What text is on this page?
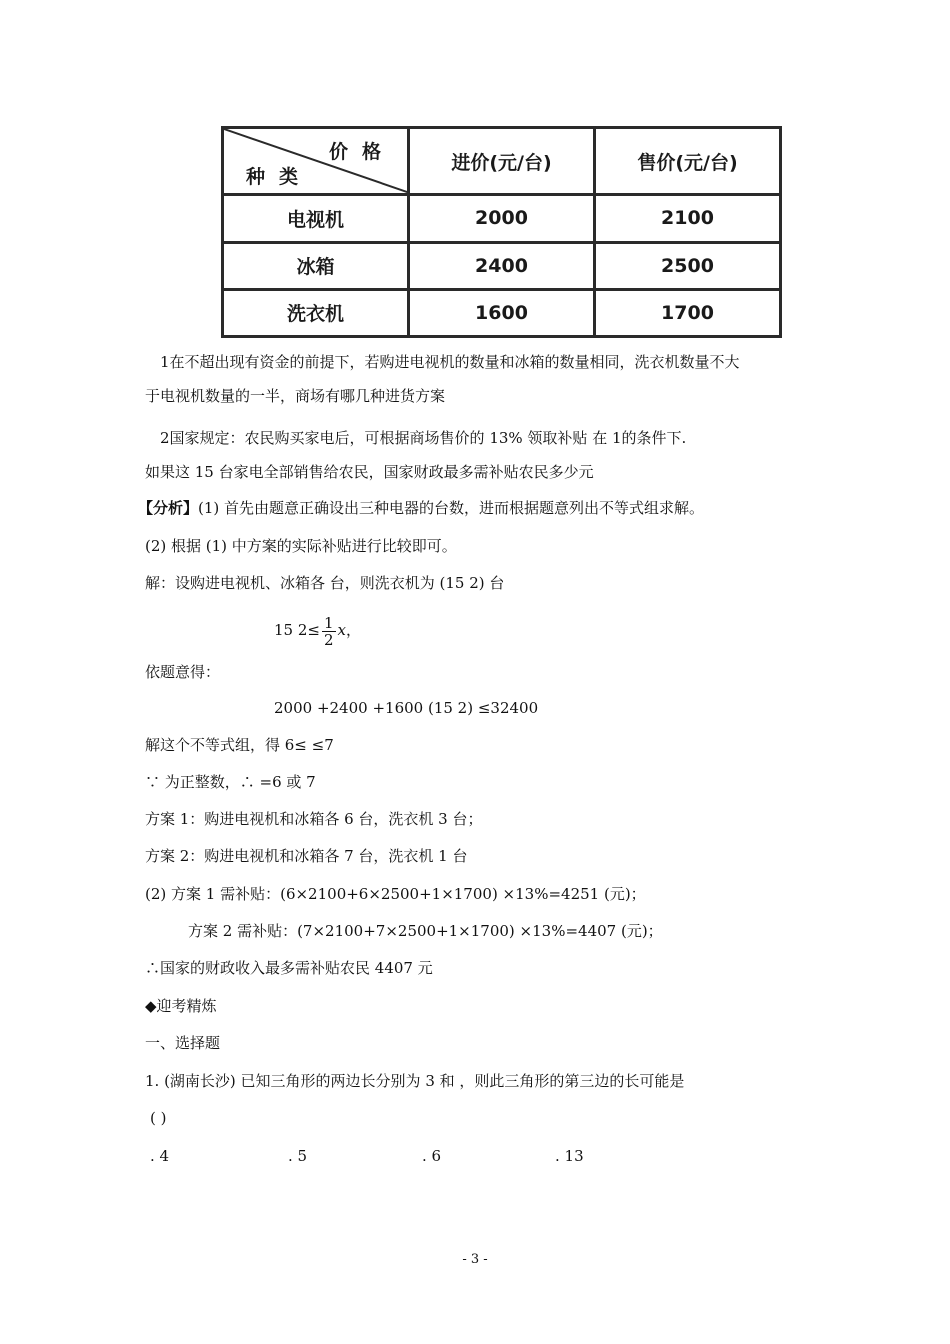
价格
种类	进价(元/台)	售价(元/台)
电视机	2000	2100
冰箱	2400	2500
洗衣机	1600	1700
1在不超出现有资金的前提下，若购进电视机的数量和冰箱的数量相同，洗衣机数量不大
于电视机数量的一半，商场有哪几种进货方案
2国家规定：农民购买家电后，可根据商场售价的 13% 领取补贴 在 1的条件下.
如果这 15 台家电全部销售给农民，国家财政最多需补贴农民多少元
【分析】(1) 首先由题意正确设出三种电器的台数，进而根据题意列出不等式组求解。
(2) 根据 (1) 中方案的实际补贴进行比较即可。
解：设购进电视机、冰箱各 台，则洗衣机为 (15 2) 台
15 $2\le \frac{1}{2}$ x，
依题意得：
2000 +2400 +1600 (15 2) ≤32400
解这个不等式组，得 6≤ ≤7
∵ 为正整数，∴ =6 或 7
方案 1：购进电视机和冰箱各 6 台，洗衣机 3 台；
方案 2：购进电视机和冰箱各 7 台，洗衣机 1 台
(2) 方案 1 需补贴：(6×2100+6×2500+1×1700) ×13%=4251 (元)；
方案 2 需补贴：(7×2100+7×2500+1×1700) ×13%=4407 (元)；
∴国家的财政收入最多需补贴农民 4407 元
◆迎考精炼
一、选择题
1. (湖南长沙) 已知三角形的两边长分别为 3 和 ，则此三角形的第三边的长可能是
( )
. 4	. 5	. 6	. 13
- 3 -
